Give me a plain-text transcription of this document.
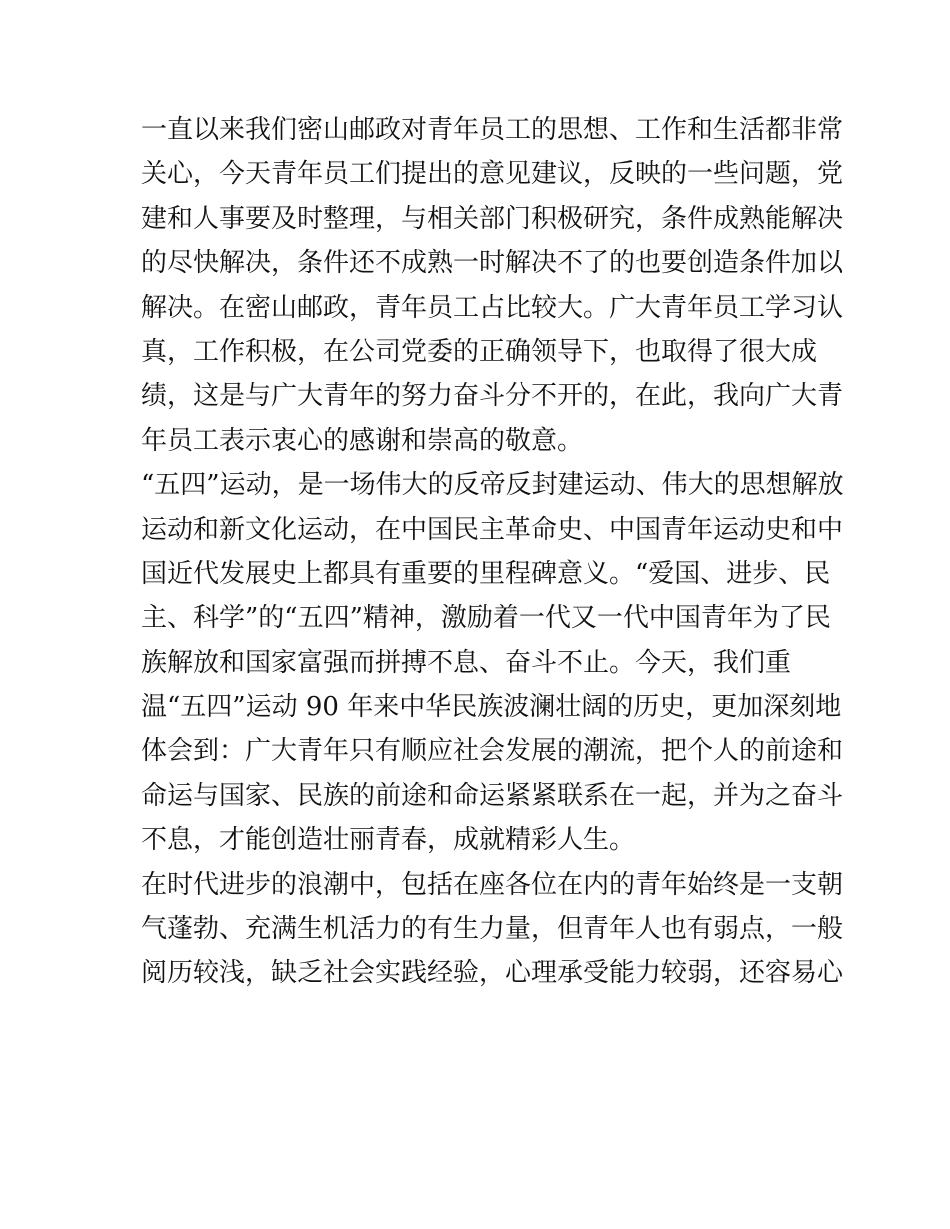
一直以来我们密山邮政对青年员工的思想、工作和生活都非常
关心，今天青年员工们提出的意见建议，反映的一些问题，党
建和人事要及时整理，与相关部门积极研究，条件成熟能解决
的尽快解决，条件还不成熟一时解决不了的也要创造条件加以
解决。在密山邮政，青年员工占比较大。广大青年员工学习认
真，工作积极，在公司党委的正确领导下，也取得了很大成
绩，这是与广大青年的努力奋斗分不开的，在此，我向广大青
年员工表示衷心的感谢和崇高的敬意。
“五四”运动，是一场伟大的反帝反封建运动、伟大的思想解放
运动和新文化运动，在中国民主革命史、中国青年运动史和中
国近代发展史上都具有重要的里程碑意义。“爱国、进步、民
主、科学”的“五四”精神，激励着一代又一代中国青年为了民
族解放和国家富强而拼搏不息、奋斗不止。今天，我们重
温“五四”运动 90 年来中华民族波澜壮阔的历史，更加深刻地
体会到：广大青年只有顺应社会发展的潮流，把个人的前途和
命运与国家、民族的前途和命运紧紧联系在一起，并为之奋斗
不息，才能创造壮丽青春，成就精彩人生。
在时代进步的浪潮中，包括在座各位在内的青年始终是一支朝
气蓬勃、充满生机活力的有生力量，但青年人也有弱点，一般
阅历较浅，缺乏社会实践经验，心理承受能力较弱，还容易心
